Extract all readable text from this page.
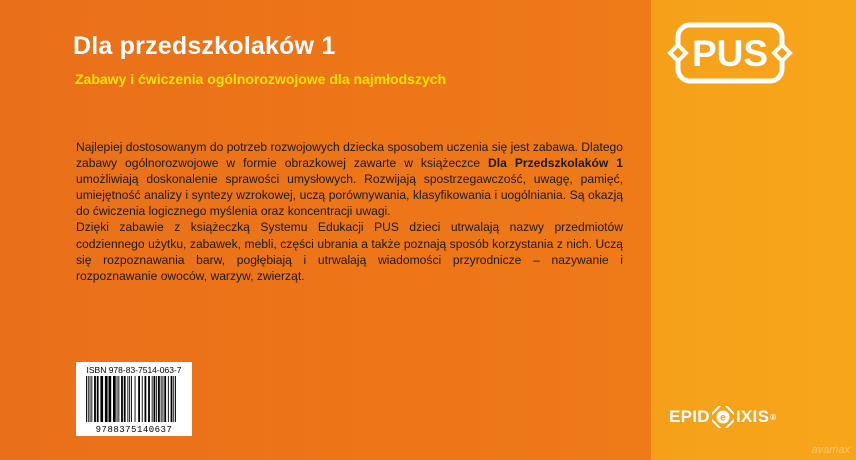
Dla przedszkolaków 1
Zabawy i ćwiczenia ogólnorozwojowe dla najmłodszych

Najlepiej dostosowanym do potrzeb rozwojowych dziecka sposobem uczenia się jest zabawa. Dlatego zabawy ogólnorozwojowe w formie obrazkowej zawarte w książeczce Dla Przedszkolaków 1 umożliwiają doskonalenie sprawości umysłowych. Rozwijają spostrzegawczość, uwagę, pamięć, umiejętność analizy i syntezy wzrokowej, uczą porównywania, klasyfikowania i uogólniania. Są okazją do ćwiczenia logicznego myślenia oraz koncentracji uwagi.

Dzięki zabawie z książeczką Systemu Edukacji PUS dzieci utrwalają nazwy przedmiotów codziennego użytku, zabawek, mebli, części ubrania a także poznają sposób korzystania z nich. Uczą się rozpoznawania barw, pogłębiają i utrwalają wiadomości przyrodnicze – nazywanie i rozpoznawanie owoców, warzyw, zwierząt.

PUS
ISBN 978-83-7514-063-7
9788375140637
EPID e IXIS ®
avamax
